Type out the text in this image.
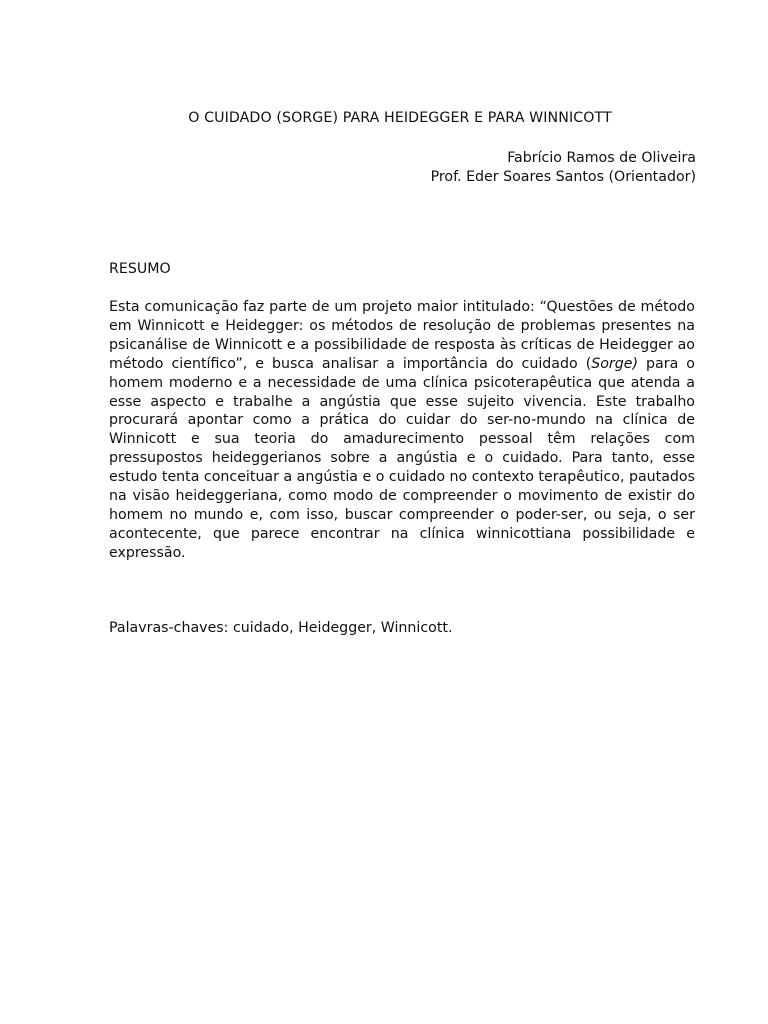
O CUIDADO (SORGE) PARA HEIDEGGER E PARA WINNICOTT
Fabrício Ramos de Oliveira
Prof. Eder Soares Santos (Orientador)
RESUMO

Esta comunicação faz parte de um projeto maior intitulado: “Questões de método em Winnicott e Heidegger: os métodos de resolução de problemas presentes na psicanálise de Winnicott e a possibilidade de resposta às críticas de Heidegger ao método científico”, e busca analisar a importância do cuidado (Sorge) para o homem moderno e a necessidade de uma clínica psicoterapêutica que atenda a esse aspecto e trabalhe a angústia que esse sujeito vivencia. Este trabalho procurará apontar como a prática do cuidar do ser-no-mundo na clínica de Winnicott e sua teoria do amadurecimento pessoal têm relações com pressupostos heideggerianos sobre a angústia e o cuidado. Para tanto, esse estudo tenta conceituar a angústia e o cuidado no contexto terapêutico, pautados na visão heideggeriana, como modo de compreender o movimento de existir do homem no mundo e, com isso, buscar compreender o poder-ser, ou seja, o ser acontecente, que parece encontrar na clínica winnicottiana possibilidade e expressão.

Palavras-chaves: cuidado, Heidegger, Winnicott.
